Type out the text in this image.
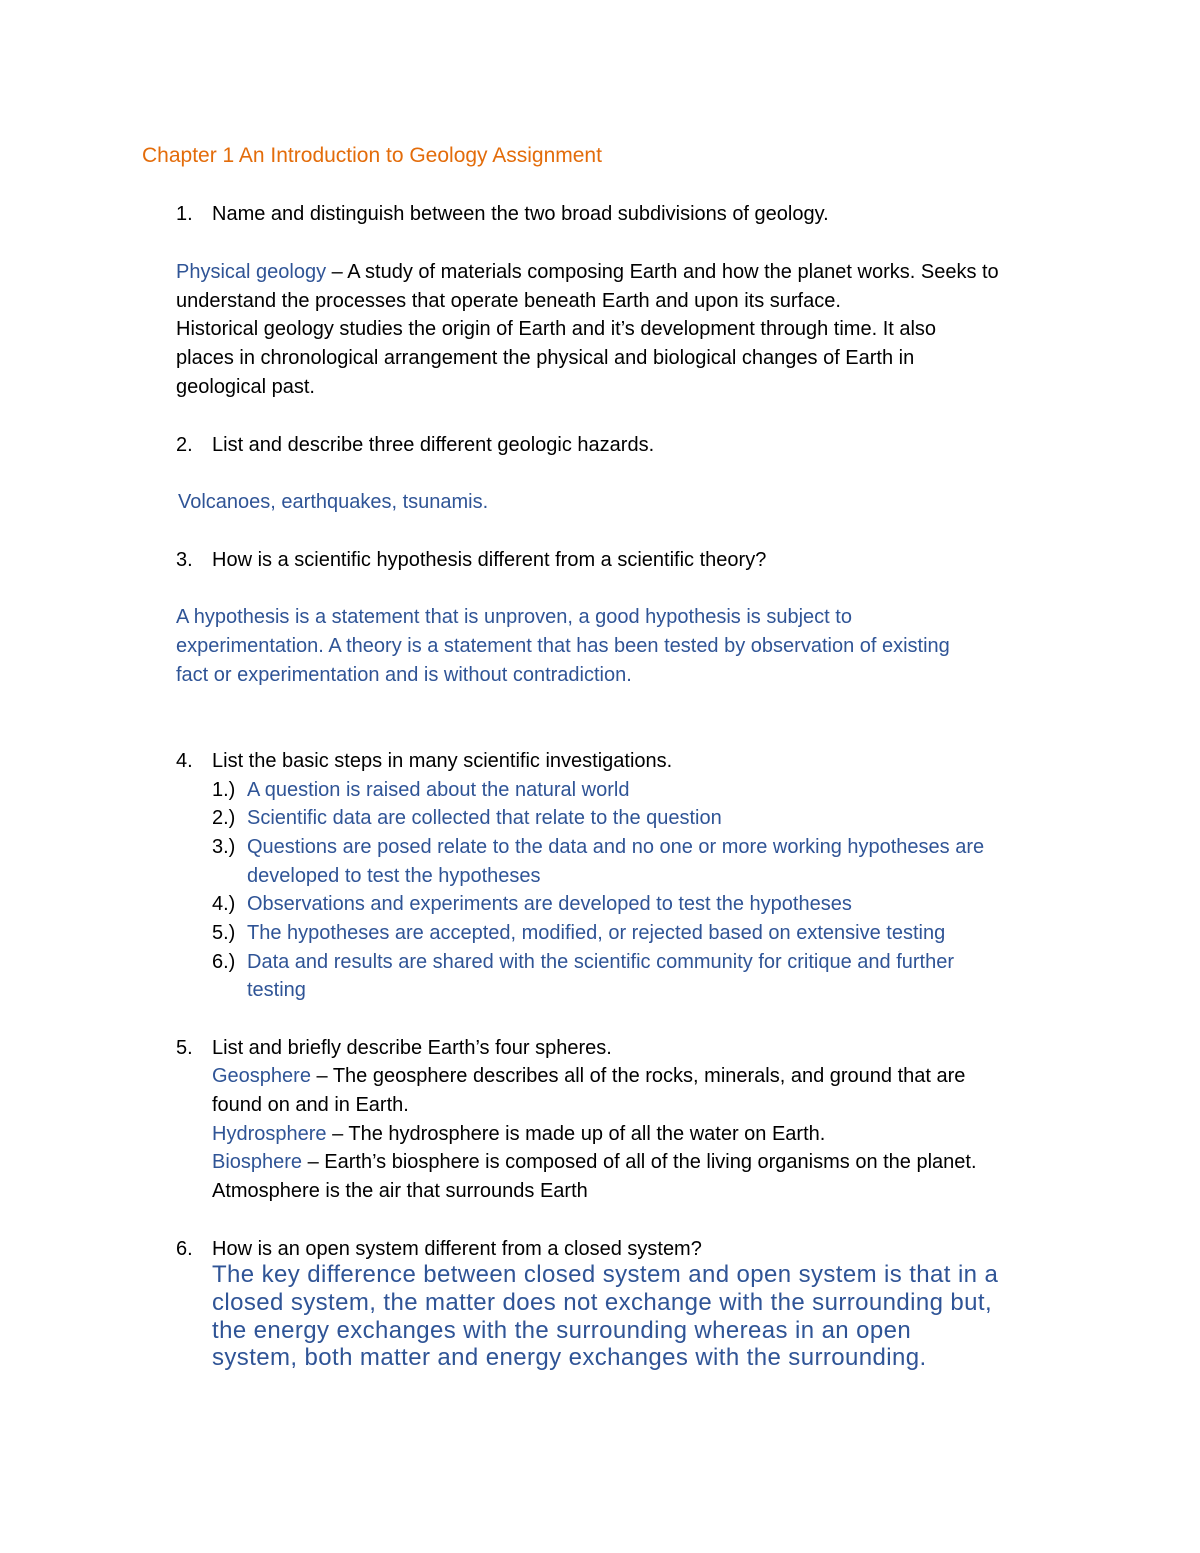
Chapter 1 An Introduction to Geology Assignment
1. Name and distinguish between the two broad subdivisions of geology.
Physical geology – A study of materials composing Earth and how the planet works. Seeks to
understand the processes that operate beneath Earth and upon its surface.
Historical geology studies the origin of Earth and it’s development through time. It also
places in chronological arrangement the physical and biological changes of Earth in
geological past.
2. List and describe three different geologic hazards.
Volcanoes, earthquakes, tsunamis.
3. How is a scientific hypothesis different from a scientific theory?
A hypothesis is a statement that is unproven, a good hypothesis is subject to
experimentation. A theory is a statement that has been tested by observation of existing
fact or experimentation and is without contradiction.
4. List the basic steps in many scientific investigations.
1.) A question is raised about the natural world
2.) Scientific data are collected that relate to the question
3.) Questions are posed relate to the data and no one or more working hypotheses are
developed to test the hypotheses
4.) Observations and experiments are developed to test the hypotheses
5.) The hypotheses are accepted, modified, or rejected based on extensive testing
6.) Data and results are shared with the scientific community for critique and further
testing
5. List and briefly describe Earth’s four spheres.
Geosphere – The geosphere describes all of the rocks, minerals, and ground that are
found on and in Earth.
Hydrosphere – The hydrosphere is made up of all the water on Earth.
Biosphere – Earth’s biosphere is composed of all of the living organisms on the planet.
Atmosphere is the air that surrounds Earth
6. How is an open system different from a closed system?
The key difference between closed system and open system is that in a
closed system, the matter does not exchange with the surrounding but,
the energy exchanges with the surrounding whereas in an open
system, both matter and energy exchanges with the surrounding.
